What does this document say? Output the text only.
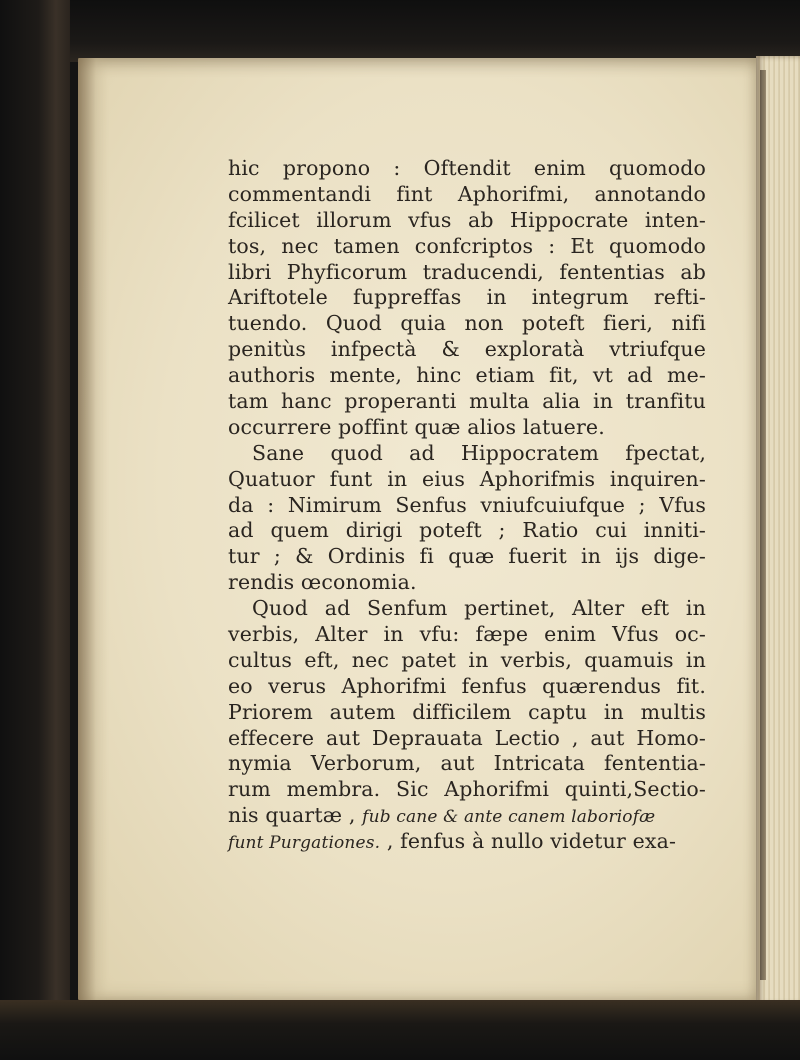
hic propono : Oftendit enim quomodo
commentandi fint Aphorifmi, annotando
fcilicet illorum vfus ab Hippocrate inten-
tos, nec tamen confcriptos : Et quomodo
libri Phyficorum traducendi, fententias ab
Ariftotele fuppreffas in integrum refti-
tuendo. Quod quia non poteft fieri, nifi
penitùs infpectà & exploratà vtriufque
authoris mente, hinc etiam fit, vt ad me-
tam hanc properanti multa alia in tranfitu
occurrere poffint quæ alios latuere.
Sane quod ad Hippocratem fpectat,
Quatuor funt in eius Aphorifmis inquiren-
da : Nimirum Senfus vniufcuiufque ; Vfus
ad quem dirigi poteft ; Ratio cui inniti-
tur ; & Ordinis fi quæ fuerit in ijs dige-
rendis œconomia.
Quod ad Senfum pertinet, Alter eft in
verbis, Alter in vfu: fæpe enim Vfus oc-
cultus eft, nec patet in verbis, quamuis in
eo verus Aphorifmi fenfus quærendus fit.
Priorem autem difficilem captu in multis
effecere aut Deprauata Lectio , aut Homo-
nymia Verborum, aut Intricata fententia-
rum membra. Sic Aphorifmi quinti,Sectio-
nis quartæ , fub cane & ante canem laboriofæ
funt Purgationes. , fenfus à nullo videtur exa-
